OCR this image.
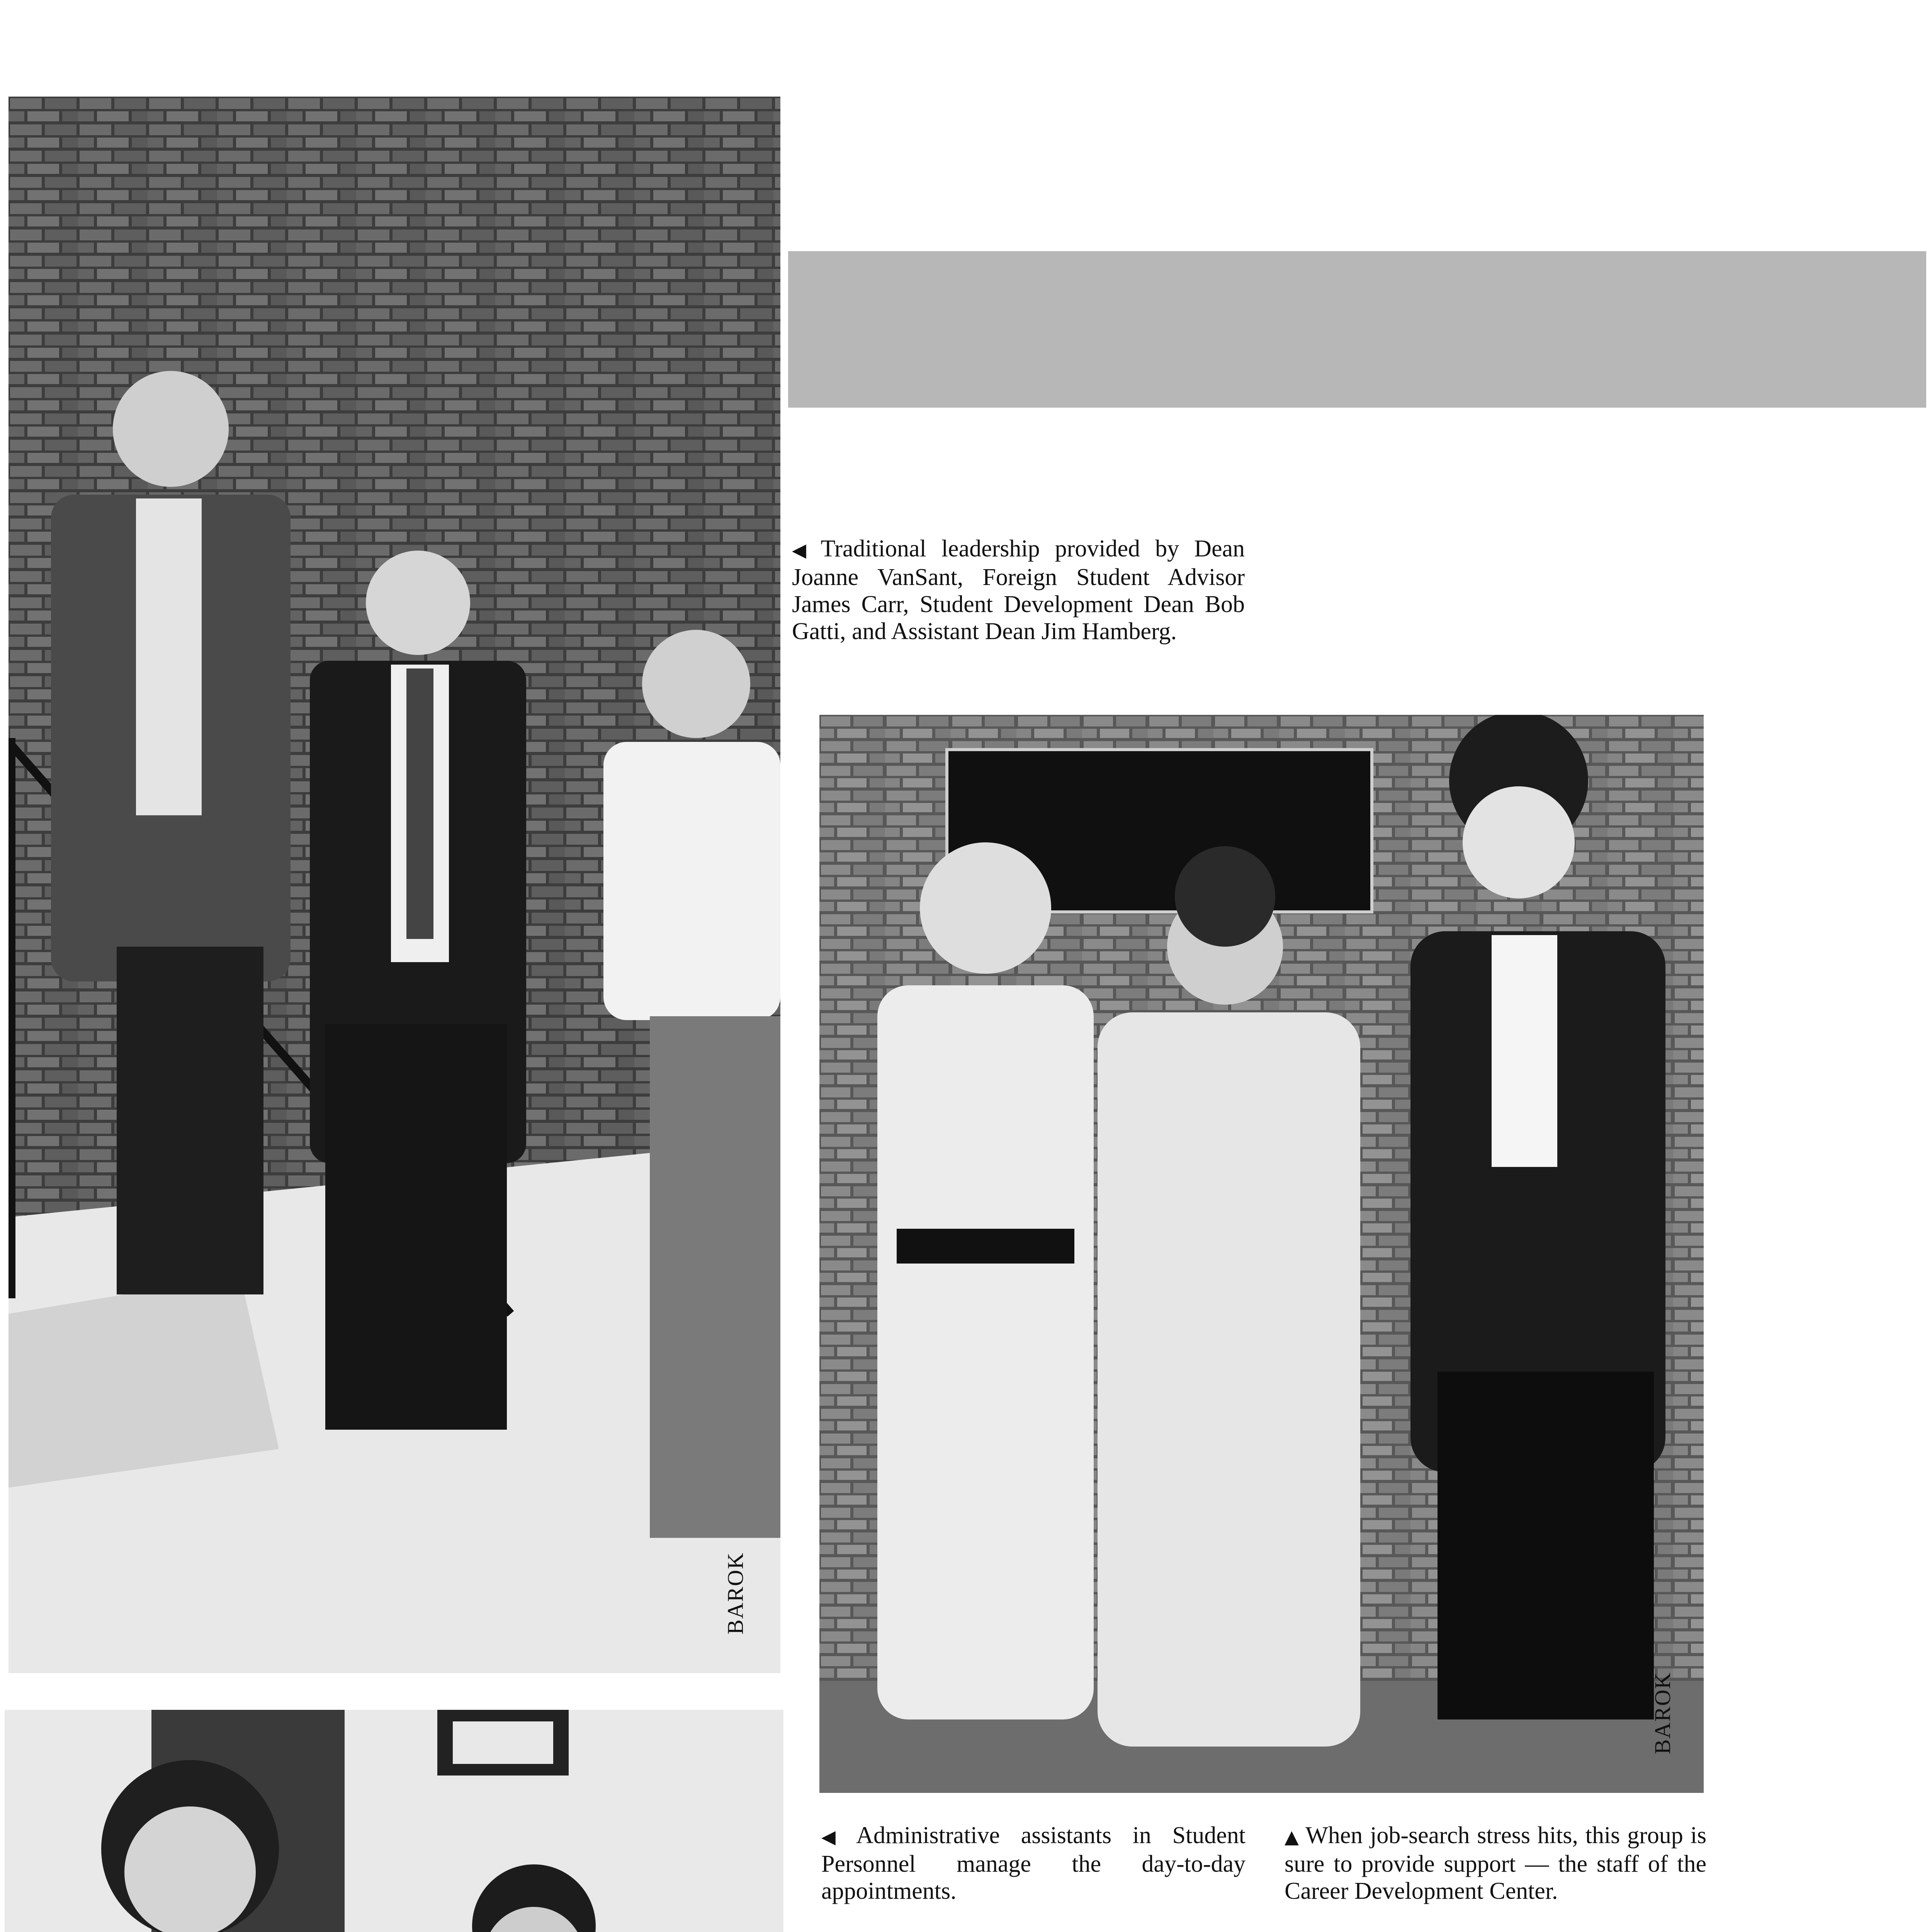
BAROK
◀ Traditional leadership provided by Dean Joanne VanSant, Foreign Student Advisor James Carr, Student Development Dean Bob Gatti, and Assistant Dean Jim Hamberg.
BAROK
◀ Administrative assistants in Student Personnel manage the day-to-day appointments.
▲ When job-search stress hits, this group is sure to provide support — the staff of the Career Development Center.
